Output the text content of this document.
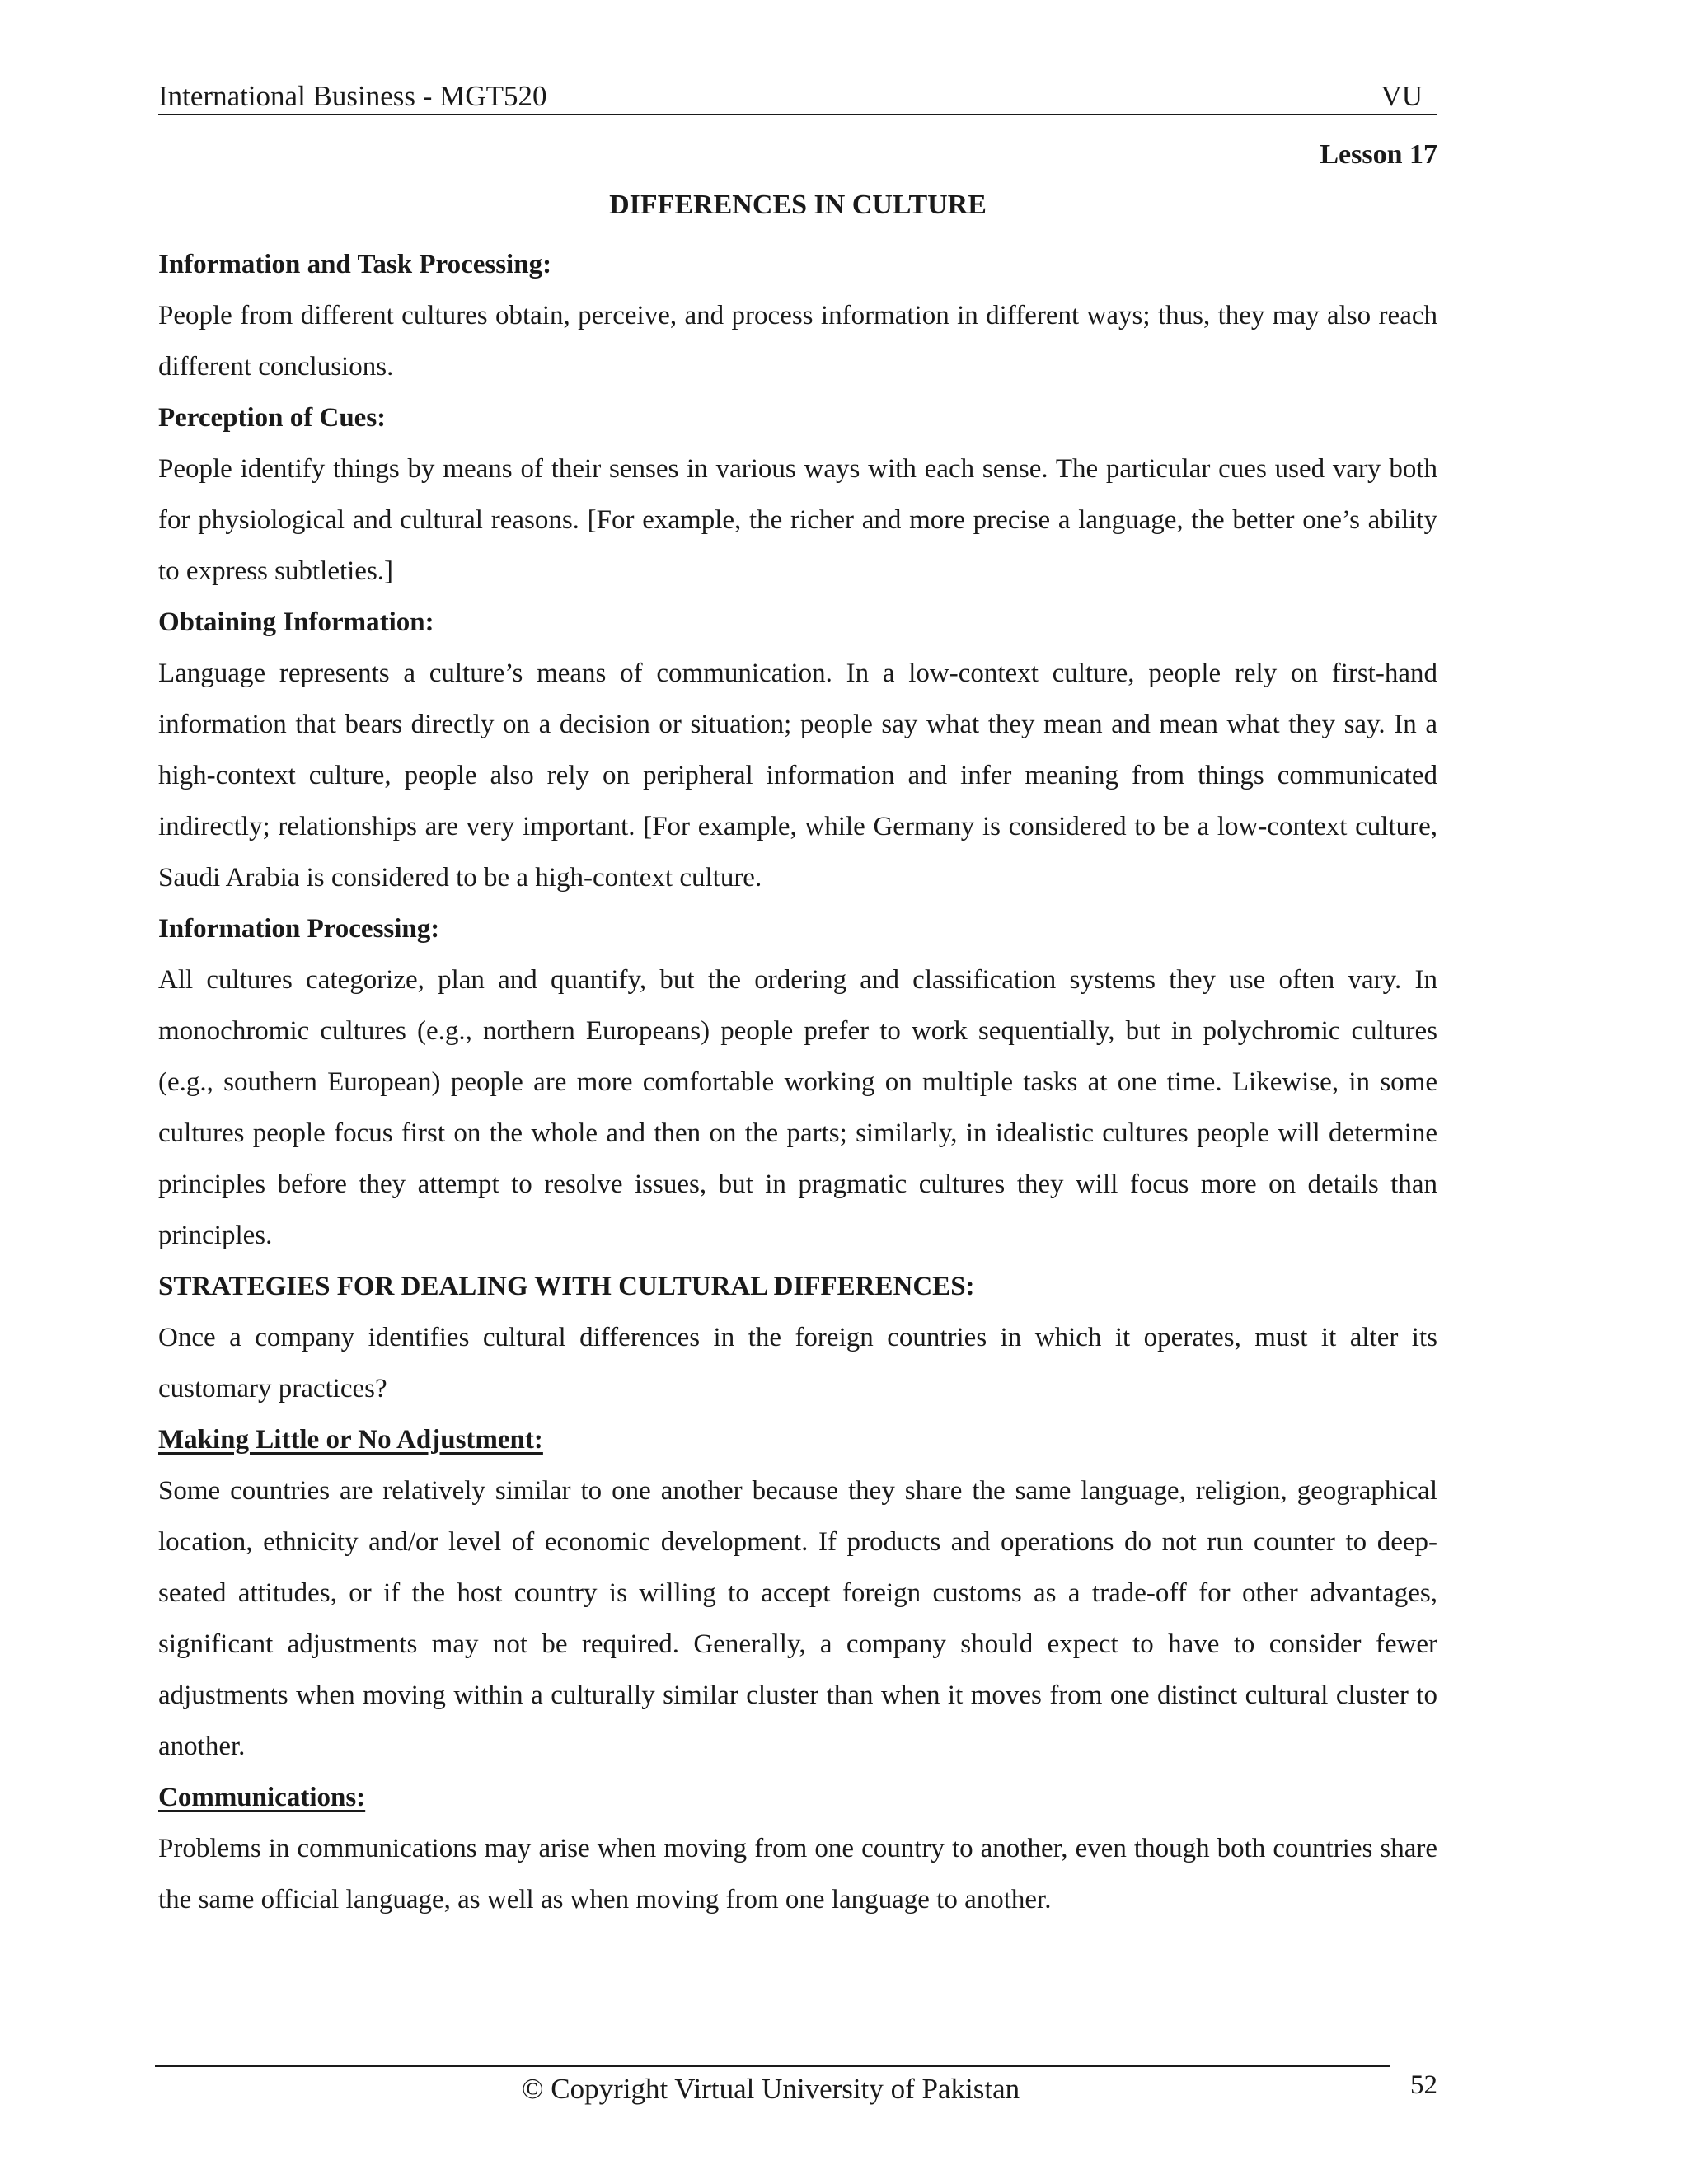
International Business - MGT520	VU
Lesson 17
DIFFERENCES IN CULTURE

Information and Task Processing:

People from different cultures obtain, perceive, and process information in different ways; thus, they may also reach different conclusions.

Perception of Cues:

People identify things by means of their senses in various ways with each sense. The particular cues used vary both for physiological and cultural reasons. [For example, the richer and more precise a language, the better one’s ability to express subtleties.]

Obtaining Information:

Language represents a culture’s means of communication. In a low-context culture, people rely on first-hand information that bears directly on a decision or situation; people say what they mean and mean what they say. In a high-context culture, people also rely on peripheral information and infer meaning from things communicated indirectly; relationships are very important. [For example, while Germany is considered to be a low-context culture, Saudi Arabia is considered to be a high-context culture.

Information Processing:

All cultures categorize, plan and quantify, but the ordering and classification systems they use often vary. In monochromic cultures (e.g., northern Europeans) people prefer to work sequentially, but in polychromic cultures (e.g., southern European) people are more comfortable working on multiple tasks at one time. Likewise, in some cultures people focus first on the whole and then on the parts; similarly, in idealistic cultures people will determine principles before they attempt to resolve issues, but in pragmatic cultures they will focus more on details than principles.

STRATEGIES FOR DEALING WITH CULTURAL DIFFERENCES:

Once a company identifies cultural differences in the foreign countries in which it operates, must it alter its customary practices?

Making Little or No Adjustment:

Some countries are relatively similar to one another because they share the same language, religion, geographical location, ethnicity and/or level of economic development. If products and operations do not run counter to deep-seated attitudes, or if the host country is willing to accept foreign customs as a trade-off for other advantages, significant adjustments may not be required. Generally, a company should expect to have to consider fewer adjustments when moving within a culturally similar cluster than when it moves from one distinct cultural cluster to another.

Communications:

Problems in communications may arise when moving from one country to another, even though both countries share the same official language, as well as when moving from one language to another.

© Copyright Virtual University of Pakistan	52
